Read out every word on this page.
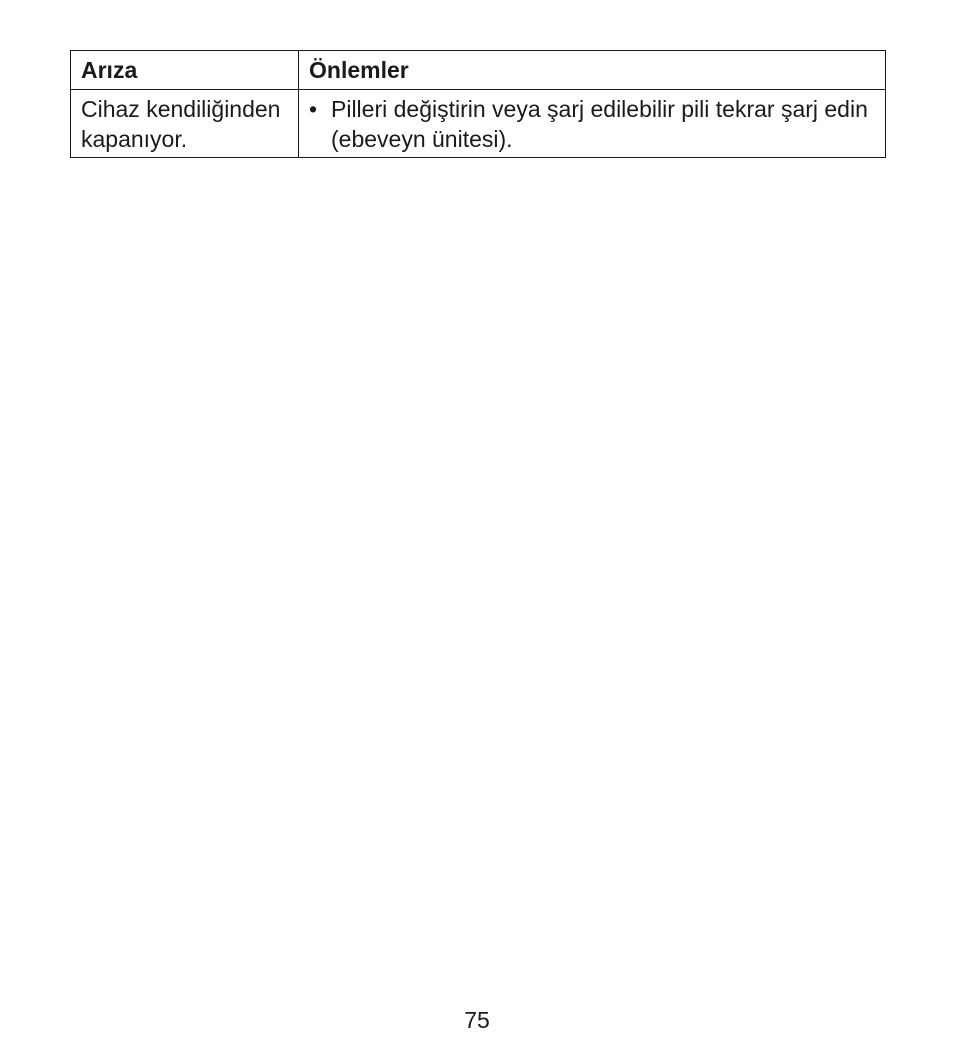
Arıza	Önlemler
Cihaz kendiliğinden kapanıyor.	• Pilleri değiştirin veya şarj edilebilir pili tekrar şarj edin (ebeveyn ünitesi).
75
